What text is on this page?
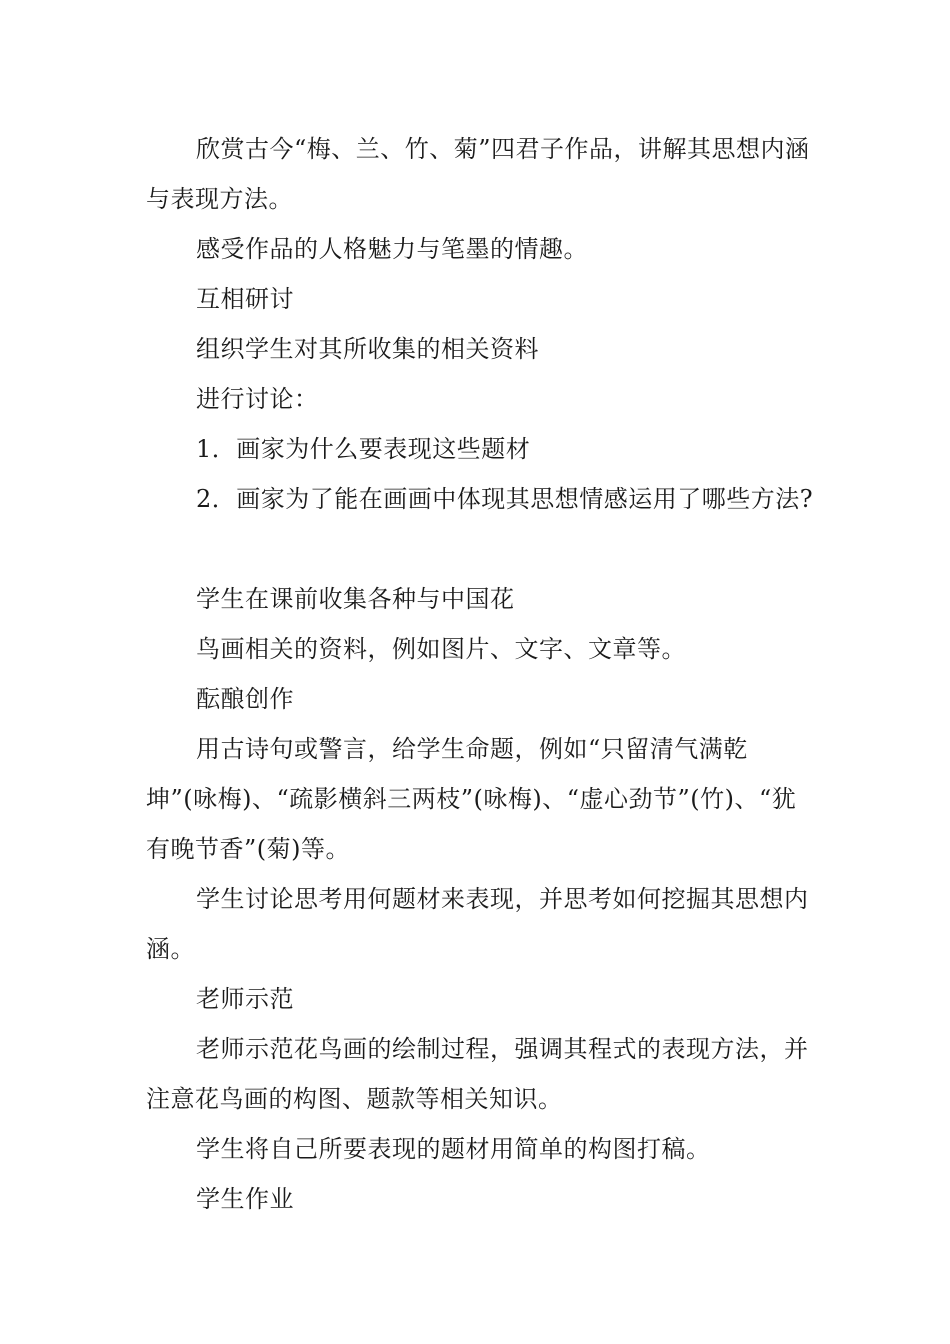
欣赏古今“梅、兰、竹、菊”四君子作品，讲解其思想内涵与表现方法。

感受作品的人格魅力与笔墨的情趣。

互相研讨

组织学生对其所收集的相关资料

进行讨论：

1．画家为什么要表现这些题材

2．画家为了能在画画中体现其思想情感运用了哪些方法?

学生在课前收集各种与中国花

鸟画相关的资料，例如图片、文字、文章等。

酝酿创作

用古诗句或警言，给学生命题，例如“只留清气满乾坤”(咏梅)、“疏影横斜三两枝”(咏梅)、“虚心劲节”(竹)、“犹有晚节香”(菊)等。

学生讨论思考用何题材来表现，并思考如何挖掘其思想内涵。

老师示范

老师示范花鸟画的绘制过程，强调其程式的表现方法，并注意花鸟画的构图、题款等相关知识。

学生将自己所要表现的题材用简单的构图打稿。

学生作业
